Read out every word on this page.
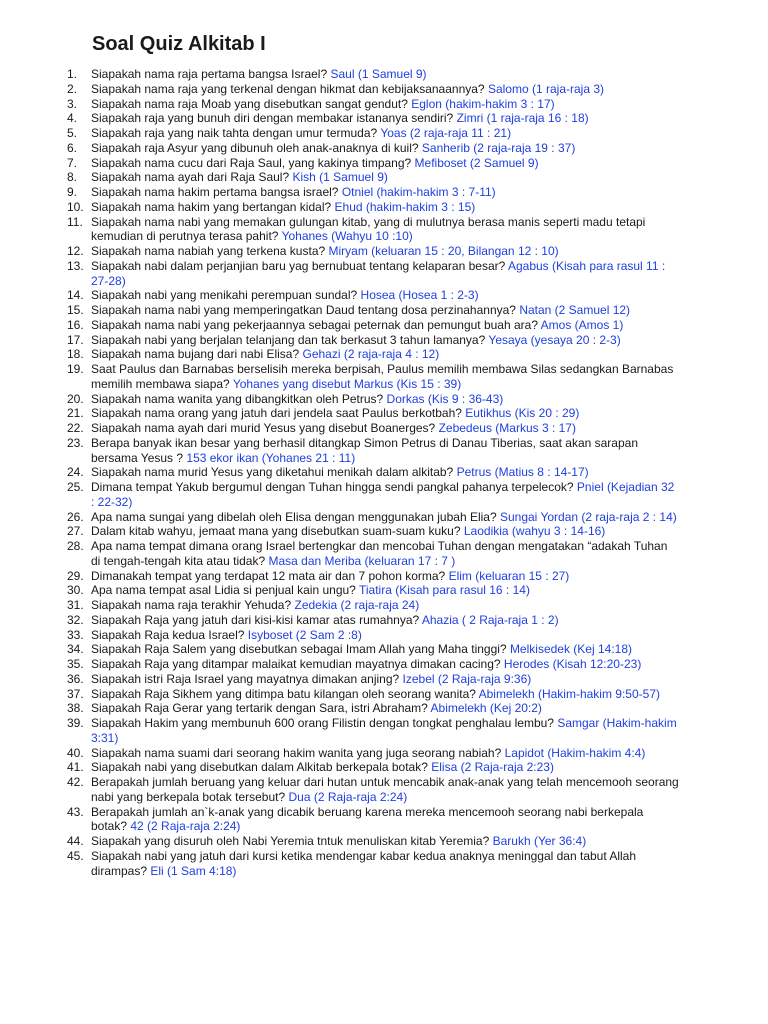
Soal Quiz Alkitab I
1.	Siapakah nama raja pertama bangsa Israel? Saul (1 Samuel 9)
2.	Siapakah nama raja yang terkenal dengan hikmat dan kebijaksanaannya? Salomo (1 raja-raja 3)
3.	Siapakah nama raja Moab yang disebutkan sangat gendut? Eglon (hakim-hakim 3 : 17)
4.	Siapakah raja yang bunuh diri dengan membakar istananya sendiri? Zimri (1 raja-raja 16 : 18)
5.	Siapakah raja yang naik tahta dengan umur termuda? Yoas (2 raja-raja 11 : 21)
6.	Siapakah raja Asyur yang dibunuh oleh anak-anaknya di kuil? Sanherib (2 raja-raja 19 : 37)
7.	Siapakah nama cucu dari Raja Saul, yang kakinya timpang? Mefiboset (2 Samuel 9)
8.	Siapakah nama ayah dari Raja Saul? Kish (1 Samuel 9)
9.	Siapakah nama hakim pertama bangsa israel? Otniel (hakim-hakim 3 : 7-11)
10. Siapakah nama hakim yang bertangan kidal? Ehud (hakim-hakim 3 : 15)
11. Siapakah nama nabi yang memakan gulungan kitab, yang di mulutnya berasa manis seperti madu tetapi kemudian di perutnya terasa pahit? Yohanes (Wahyu 10 :10)
12. Siapakah nama nabiah yang terkena kusta? Miryam (keluaran 15 : 20, Bilangan 12 : 10)
13. Siapakah nabi dalam perjanjian baru yag bernubuat tentang kelaparan besar? Agabus (Kisah para rasul 11 : 27-28)
14. Siapakah nabi yang menikahi perempuan sundal? Hosea (Hosea 1 : 2-3)
15. Siapakah nama nabi yang memperingatkan Daud tentang dosa perzinahannya? Natan (2 Samuel 12)
16. Siapakah nama nabi yang pekerjaannya sebagai peternak dan pemungut buah ara? Amos (Amos 1)
17. Siapakah nabi yang berjalan telanjang dan tak berkasut 3 tahun lamanya? Yesaya (yesaya 20 : 2-3)
18. Siapakah nama bujang dari nabi Elisa? Gehazi (2 raja-raja 4 : 12)
19. Saat Paulus dan Barnabas berselisih mereka berpisah, Paulus memilih membawa Silas sedangkan Barnabas memilih membawa siapa? Yohanes yang disebut Markus (Kis 15 : 39)
20. Siapakah nama wanita yang dibangkitkan oleh Petrus? Dorkas (Kis 9 : 36-43)
21. Siapakah nama orang yang jatuh dari jendela saat Paulus berkotbah? Eutikhus (Kis 20 : 29)
22. Siapakah nama ayah dari murid Yesus yang disebut Boanerges? Zebedeus (Markus 3 : 17)
23. Berapa banyak ikan besar yang berhasil ditangkap Simon Petrus di Danau Tiberias, saat akan sarapan bersama Yesus ? 153 ekor ikan (Yohanes 21 : 11)
24. Siapakah nama murid Yesus yang diketahui menikah dalam alkitab? Petrus (Matius 8 : 14-17)
25. Dimana tempat Yakub bergumul dengan Tuhan hingga sendi pangkal pahanya terpelecok? Pniel (Kejadian 32 : 22-32)
26. Apa nama sungai yang dibelah oleh Elisa dengan menggunakan jubah Elia? Sungai Yordan (2 raja-raja 2 : 14)
27. Dalam kitab wahyu, jemaat mana yang disebutkan suam-suam kuku? Laodikia (wahyu 3 : 14-16)
28. Apa nama tempat dimana orang Israel bertengkar dan mencobai Tuhan dengan mengatakan “adakah Tuhan di tengah-tengah kita atau tidak? Masa dan Meriba (keluaran 17 : 7 )
29. Dimanakah tempat yang terdapat 12 mata air dan 7 pohon korma? Elim (keluaran 15 : 27)
30. Apa nama tempat asal Lidia si penjual kain ungu? Tiatira (Kisah para rasul 16 : 14)
31. Siapakah nama raja terakhir Yehuda? Zedekia (2 raja-raja 24)
32. Siapakah Raja yang jatuh dari kisi-kisi kamar atas rumahnya? Ahazia ( 2 Raja-raja 1 : 2)
33. Siapakah Raja kedua Israel? Isyboset (2 Sam 2 :8)
34. Siapakah Raja Salem yang disebutkan sebagai Imam Allah yang Maha tinggi? Melkisedek (Kej 14:18)
35. Siapakah Raja yang ditampar malaikat kemudian mayatnya dimakan cacing? Herodes (Kisah 12:20-23)
36. Siapakah istri Raja Israel yang mayatnya dimakan anjing? Izebel (2 Raja-raja 9:36)
37. Siapakah Raja Sikhem yang ditimpa batu kilangan oleh seorang wanita? Abimelekh (Hakim-hakim 9:50-57)
38. Siapakah Raja Gerar yang tertarik dengan Sara, istri Abraham? Abimelekh (Kej 20:2)
39. Siapakah Hakim yang membunuh 600 orang Filistin dengan tongkat penghalau lembu? Samgar (Hakim-hakim 3:31)
40. Siapakah nama suami dari seorang hakim wanita yang juga seorang nabiah? Lapidot (Hakim-hakim 4:4)
41. Siapakah nabi yang disebutkan dalam Alkitab berkepala botak? Elisa (2 Raja-raja 2:23)
42. Berapakah jumlah beruang yang keluar dari hutan untuk mencabik anak-anak yang telah mencemooh seorang nabi yang berkepala botak tersebut? Dua (2 Raja-raja 2:24)
43. Berapakah jumlah an`k-anak yang dicabik beruang karena mereka mencemooh seorang nabi berkepala botak? 42 (2 Raja-raja 2:24)
44. Siapakah yang disuruh oleh Nabi Yeremia tntuk menuliskan kitab Yeremia? Barukh (Yer 36:4)
45. Siapakah nabi yang jatuh dari kursi ketika mendengar kabar kedua anaknya meninggal dan tabut Allah dirampas? Eli (1 Sam 4:18)
